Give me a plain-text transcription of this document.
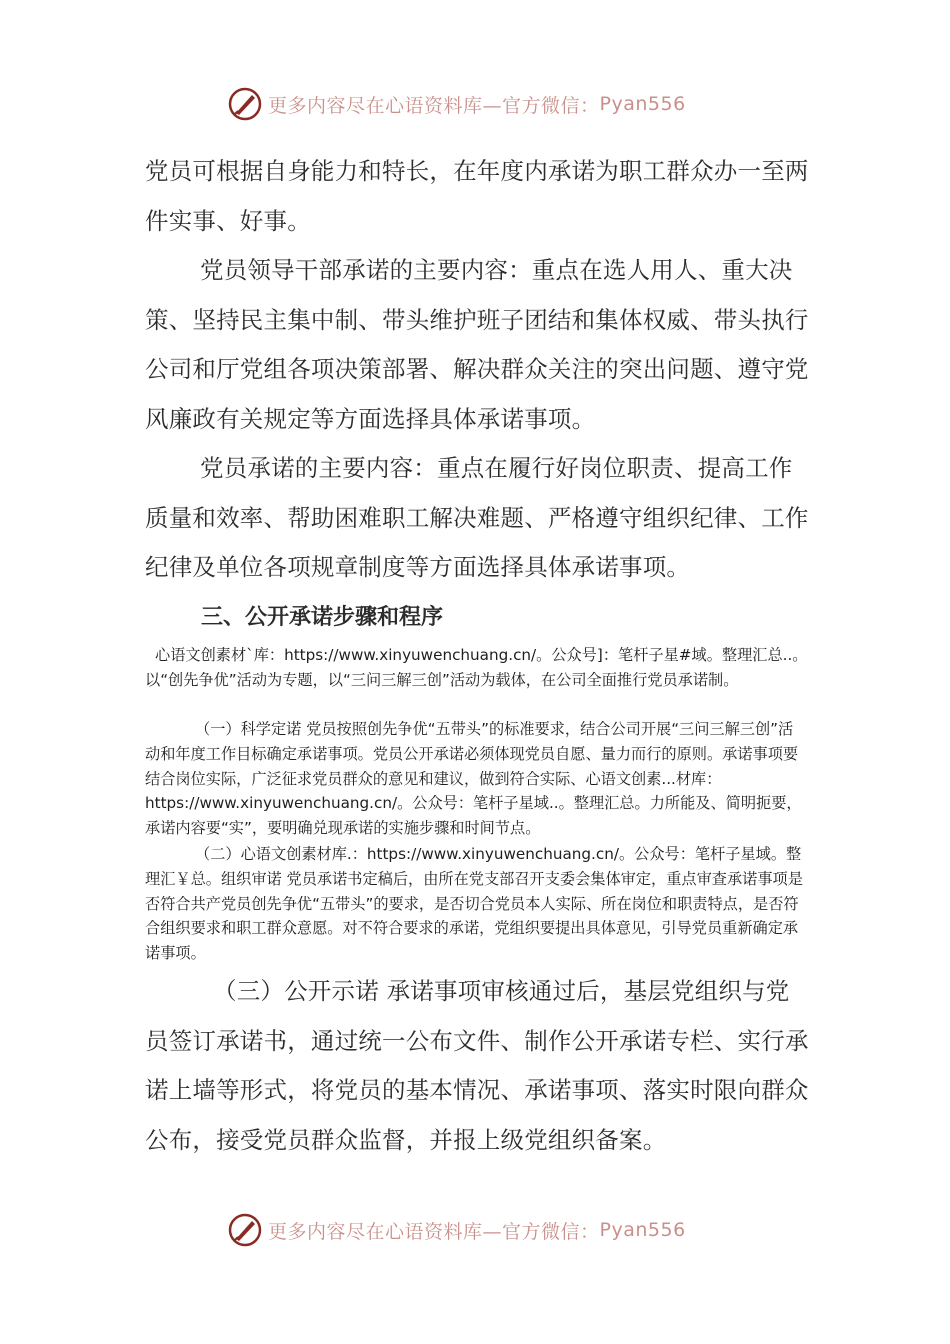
更多内容尽在心语资料库—官方微信： Pyan556

党员可根据自身能力和特长，在年度内承诺为职工群众办一至两件实事、好事。

党员领导干部承诺的主要内容：重点在选人用人、重大决策、坚持民主集中制、带头维护班子团结和集体权威、带头执行公司和厅党组各项决策部署、解决群众关注的突出问题、遵守党风廉政有关规定等方面选择具体承诺事项。

党员承诺的主要内容：重点在履行好岗位职责、提高工作质量和效率、帮助困难职工解决难题、严格遵守组织纪律、工作纪律及单位各项规章制度等方面选择具体承诺事项。

三、公开承诺步骤和程序

心语文创素材`库：https://www.xinyuwenchuang.cn/。公众号]：笔杆子星#域。整理汇总..。　　以“创先争优”活动为专题，以“三问三解三创”活动为载体，在公司全面推行党员承诺制。

（一）科学定诺 党员按照创先争优“五带头”的标准要求，结合公司开展“三问三解三创”活动和年度工作目标确定承诺事项。党员公开承诺必须体现党员自愿、量力而行的原则。承诺事项要结合岗位实际，广泛征求党员群众的意见和建议，做到符合实际、心语文创素...材库：https://www.xinyuwenchuang.cn/。公众号：笔杆子星域..。整理汇总。力所能及、简明扼要，承诺内容要“实”，要明确兑现承诺的实施步骤和时间节点。

（二）心语文创素材库.：https://www.xinyuwenchuang.cn/。公众号：笔杆子星域。整理汇￥总。组织审诺 党员承诺书定稿后，由所在党支部召开支委会集体审定，重点审查承诺事项是否符合共产党员创先争优“五带头”的要求，是否切合党员本人实际、所在岗位和职责特点，是否符合组织要求和职工群众意愿。对不符合要求的承诺，党组织要提出具体意见，引导党员重新确定承诺事项。

（三）公开示诺 承诺事项审核通过后，基层党组织与党员签订承诺书，通过统一公布文件、制作公开承诺专栏、实行承诺上墙等形式，将党员的基本情况、承诺事项、落实时限向群众公布，接受党员群众监督，并报上级党组织备案。

更多内容尽在心语资料库—官方微信： Pyan556
